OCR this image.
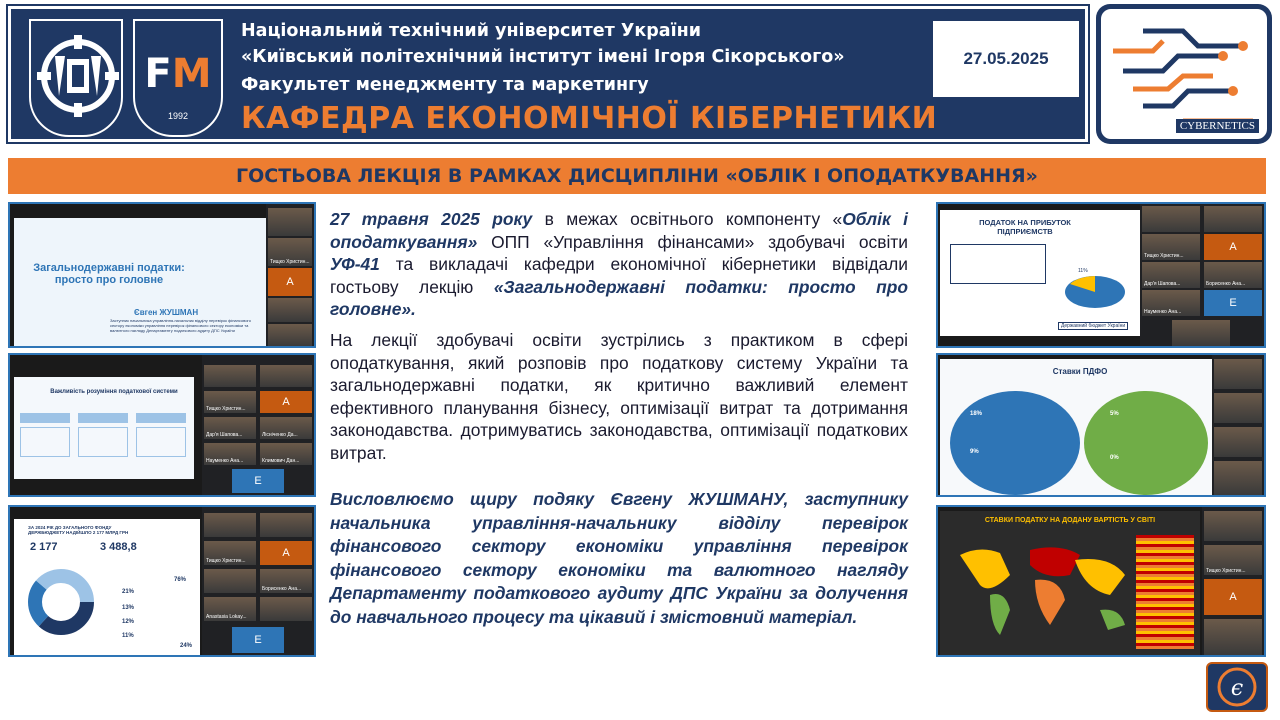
FM
1992
Національний технічний університет України
«Київський політехнічний інститут імені Ігоря Сікорського»
Факультет менеджменту та маркетингу
КАФЕДРА ЕКОНОМІЧНОЇ КІБЕРНЕТИКИ
27.05.2025
CYBERNETICS
ГОСТЬОВА ЛЕКЦІЯ В РАМКАХ ДИСЦИПЛІНИ «ОБЛІК І ОПОДАТКУВАННЯ»
Загальнодержавні податки: просто про головне
Євген ЖУШМАН
Заступник начальника управління-начальник відділу перевірок фінансового сектору економіки управління перевірок фінансового сектору економіки та валютного нагляду Департаменту податкового аудиту ДПС України
Тищко Христин...
A
Важливість розуміння податкової системи
Тищко Христин...
A
Дар'я Шапова...	Лісніченко Да...
Науменко Ана...	Климович Дан...
E
ЗА 2024 РІК ДО ЗАГАЛЬНОГО ФОНДУ ДЕРЖБЮДЖЕТУ НАДІЙШЛО 2 177 МЛРД ГРН
2 177	3 488,8
21%
13%
12%
11%
76%
24%
Тищко Христин...
A
Борисенко Ана...
Anastasia Lokay...
E
ПОДАТОК НА ПРИБУТОК ПІДПРИЄМСТВ
11%
Державний бюджет України
Тищко Христин...
A
Дар'я Шапова...	Борисенко Ана...
Науменко Ана...
E
Ставки ПДФО
18%
9%
5%
0%
СТАВКИ ПОДАТКУ НА ДОДАНУ ВАРТІСТЬ У СВІТІ
Тищко Христин...
A

27 травня 2025 року в межах освітнього компоненту «Облік і оподаткування» ОПП «Управління фінансами» здобувачі освіти УФ-41 та викладачі кафедри економічної кібернетики відвідали гостьову лекцію «Загальнодержавні податки: просто про головне».

На лекції здобувачі освіти зустрілись з практиком в сфері оподаткування, який розповів про податкову систему України та загальнодержавні податки, як критично важливий елемент ефективного планування бізнесу, оптимізації витрат та дотримання законодавства. дотримуватись законодавства, оптимізації податкових витрат.

Висловлюємо щиру подяку Євгену ЖУШМАНУ, заступнику начальника управління-начальнику відділу перевірок фінансового сектору економіки управління перевірок фінансового сектору економіки та валютного нагляду Департаменту податкового аудиту ДПС України за долучення до навчального процесу та цікавий і змістовний матеріал.
є
